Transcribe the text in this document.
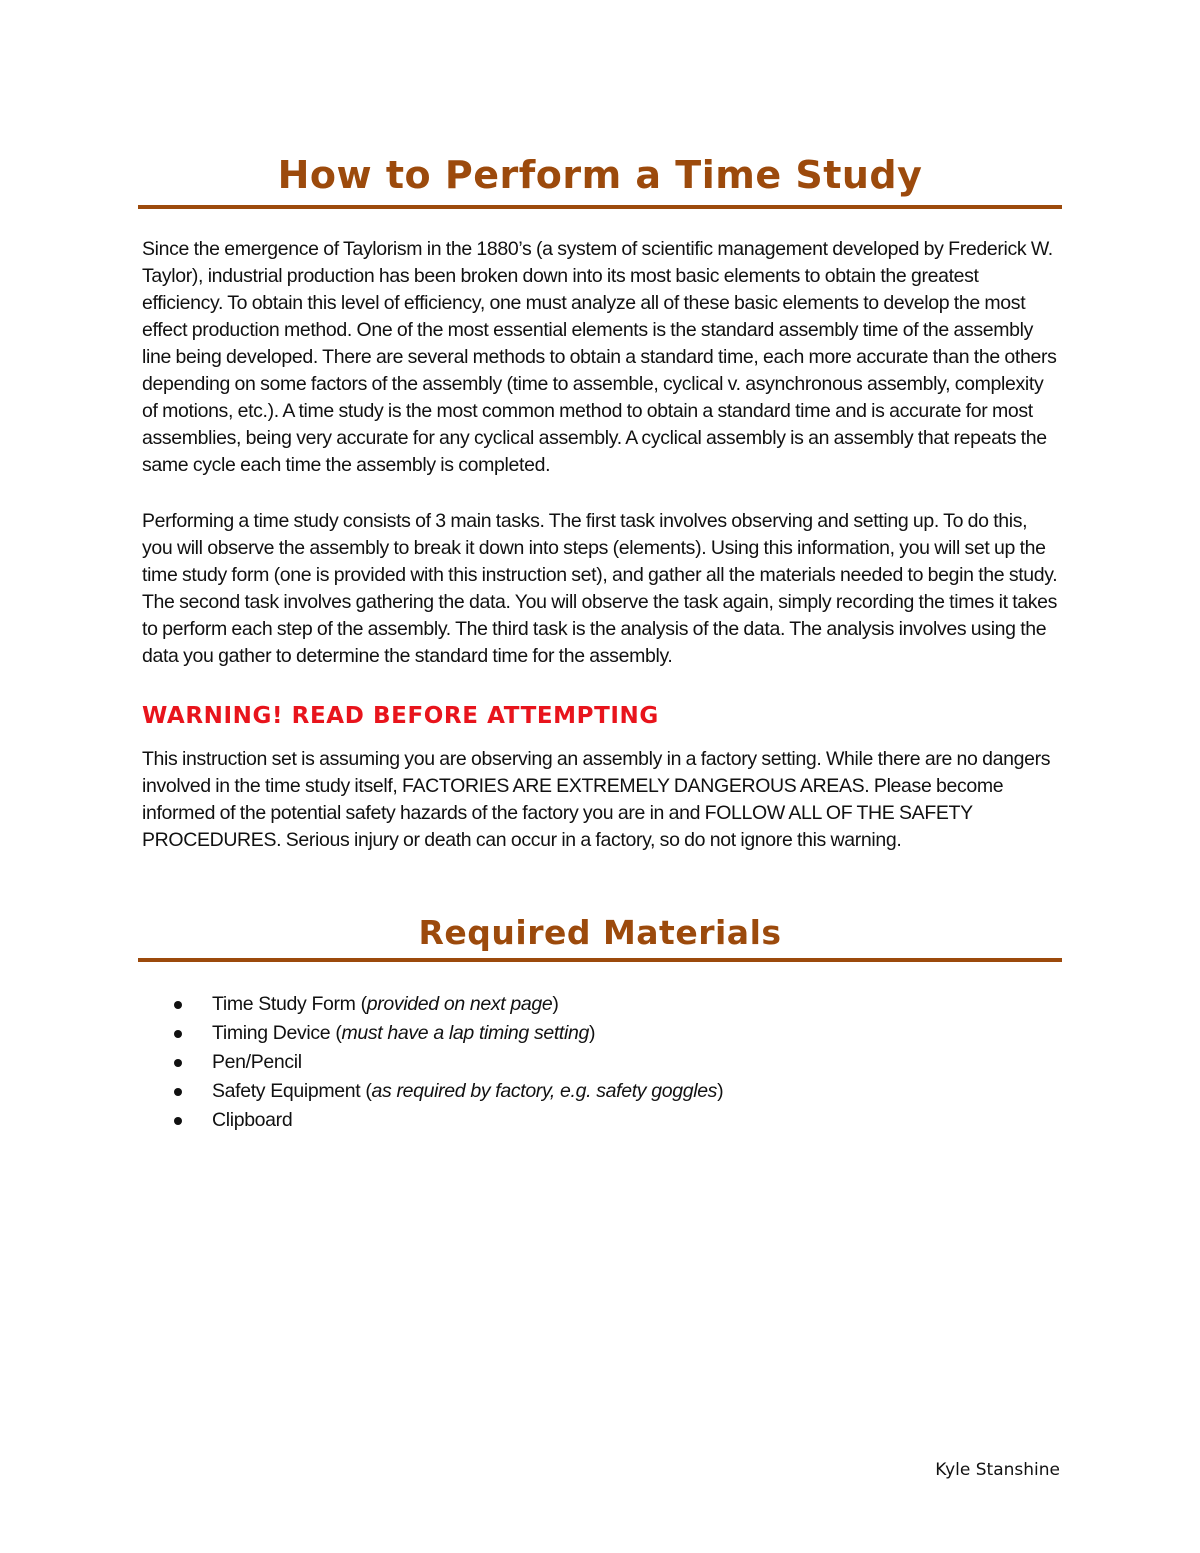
How to Perform a Time Study

Since the emergence of Taylorism in the 1880’s (a system of scientific management developed by Frederick W. Taylor), industrial production has been broken down into its most basic elements to obtain the greatest efficiency. To obtain this level of efficiency, one must analyze all of these basic elements to develop the most effect production method. One of the most essential elements is the standard assembly time of the assembly line being developed. There are several methods to obtain a standard time, each more accurate than the others depending on some factors of the assembly (time to assemble, cyclical v. asynchronous assembly, complexity of motions, etc.). A time study is the most common method to obtain a standard time and is accurate for most assemblies, being very accurate for any cyclical assembly. A cyclical assembly is an assembly that repeats the same cycle each time the assembly is completed.

Performing a time study consists of 3 main tasks. The first task involves observing and setting up. To do this, you will observe the assembly to break it down into steps (elements). Using this information, you will set up the time study form (one is provided with this instruction set), and gather all the materials needed to begin the study. The second task involves gathering the data. You will observe the task again, simply recording the times it takes to perform each step of the assembly. The third task is the analysis of the data. The analysis involves using the data you gather to determine the standard time for the assembly.

WARNING! READ BEFORE ATTEMPTING

This instruction set is assuming you are observing an assembly in a factory setting. While there are no dangers involved in the time study itself, FACTORIES ARE EXTREMELY DANGEROUS AREAS. Please become informed of the potential safety hazards of the factory you are in and FOLLOW ALL OF THE SAFETY PROCEDURES. Serious injury or death can occur in a factory, so do not ignore this warning.

Required Materials
Time Study Form (provided on next page)
Timing Device (must have a lap timing setting)
Pen/Pencil
Safety Equipment (as required by factory, e.g. safety goggles)
Clipboard

Kyle Stanshine
